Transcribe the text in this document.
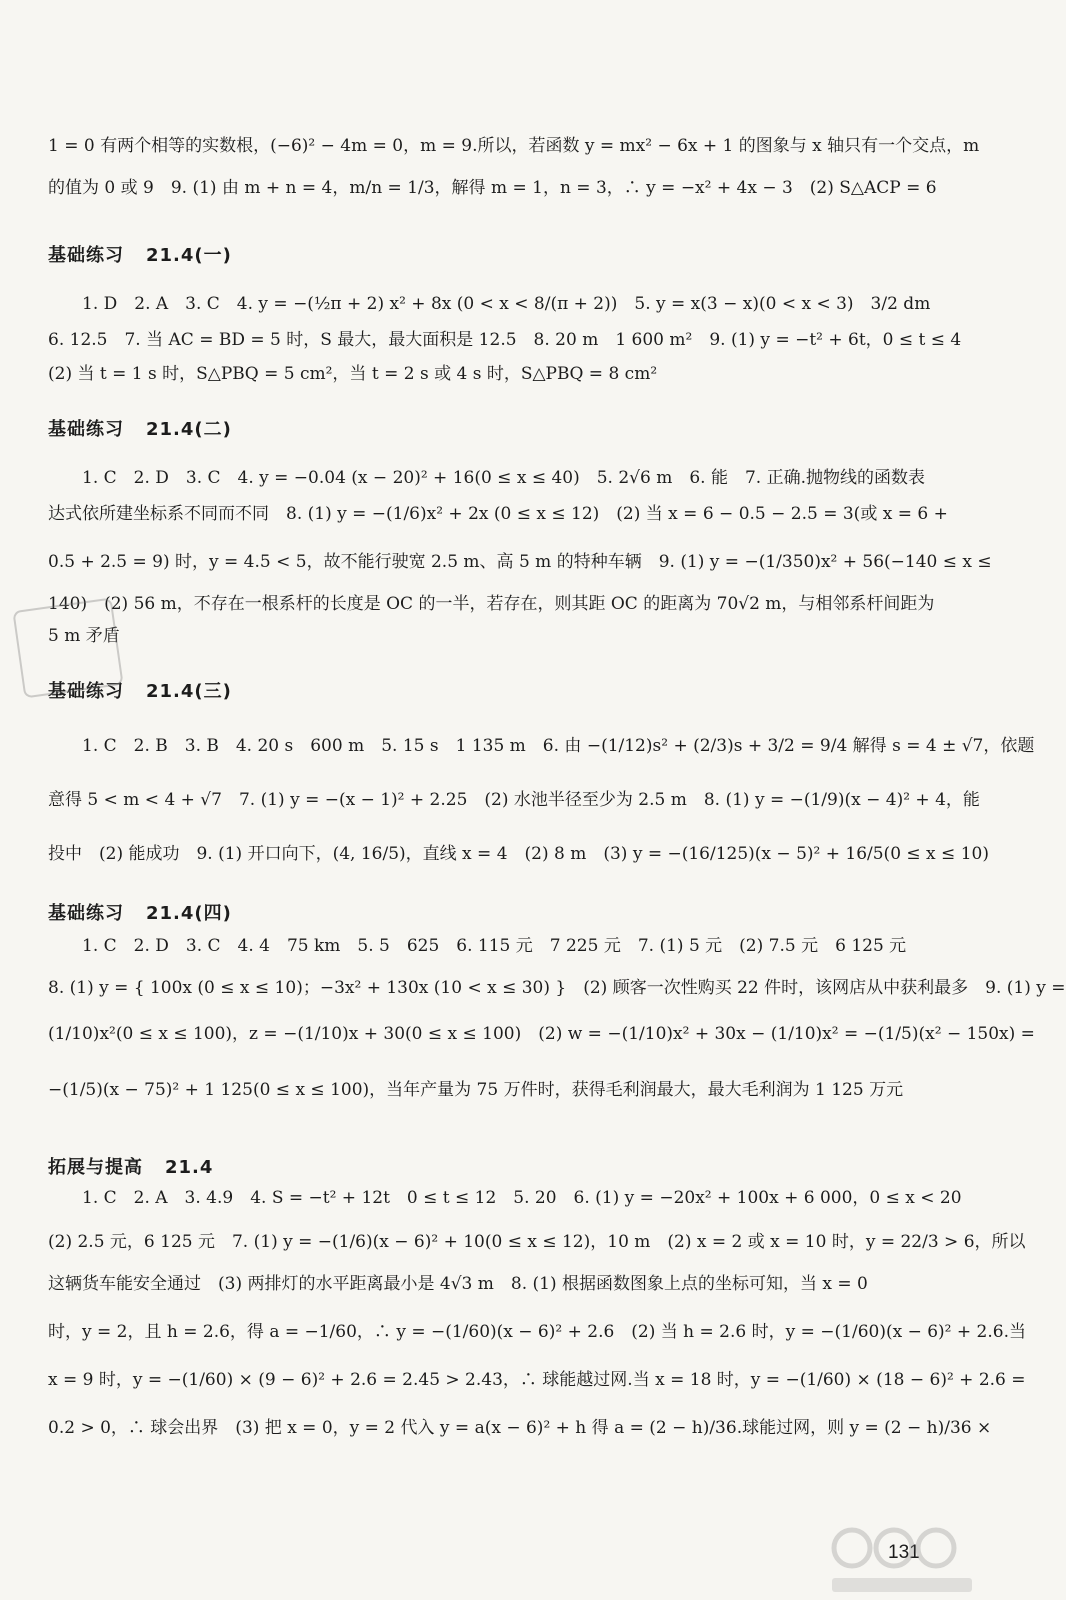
1 = 0 有两个相等的实数根，(−6)² − 4m = 0，m = 9.所以，若函数 y = mx² − 6x + 1 的图象与 x 轴只有一个交点，m
的值为 0 或 9　9. (1) 由 m + n = 4，m/n = 1/3，解得 m = 1，n = 3，∴ y = −x² + 4x − 3　(2) S△ACP = 6
基础练习 21.4(一)
1. D　2. A　3. C　4. y = −(½π + 2) x² + 8x (0 < x < 8/(π + 2))　5. y = x(3 − x)(0 < x < 3)　3/2 dm
6. 12.5　7. 当 AC = BD = 5 时，S 最大，最大面积是 12.5　8. 20 m　1 600 m²　9. (1) y = −t² + 6t，0 ≤ t ≤ 4
(2) 当 t = 1 s 时，S△PBQ = 5 cm²，当 t = 2 s 或 4 s 时，S△PBQ = 8 cm²
基础练习 21.4(二)
1. C　2. D　3. C　4. y = −0.04 (x − 20)² + 16(0 ≤ x ≤ 40)　5. 2√6 m　6. 能　7. 正确.抛物线的函数表
达式依所建坐标系不同而不同　8. (1) y = −(1/6)x² + 2x (0 ≤ x ≤ 12)　(2) 当 x = 6 − 0.5 − 2.5 = 3(或 x = 6 +
0.5 + 2.5 = 9) 时，y = 4.5 < 5，故不能行驶宽 2.5 m、高 5 m 的特种车辆　9. (1) y = −(1/350)x² + 56(−140 ≤ x ≤
140)　(2) 56 m，不存在一根系杆的长度是 OC 的一半，若存在，则其距 OC 的距离为 70√2 m，与相邻系杆间距为
5 m 矛盾
基础练习 21.4(三)
1. C　2. B　3. B　4. 20 s　600 m　5. 15 s　1 135 m　6. 由 −(1/12)s² + (2/3)s + 3/2 = 9/4 解得 s = 4 ± √7，依题
意得 5 < m < 4 + √7　7. (1) y = −(x − 1)² + 2.25　(2) 水池半径至少为 2.5 m　8. (1) y = −(1/9)(x − 4)² + 4，能
投中　(2) 能成功　9. (1) 开口向下，(4, 16/5)，直线 x = 4　(2) 8 m　(3) y = −(16/125)(x − 5)² + 16/5(0 ≤ x ≤ 10)
基础练习 21.4(四)
1. C　2. D　3. C　4. 4　75 km　5. 5　625　6. 115 元　7 225 元　7. (1) 5 元　(2) 7.5 元　6 125 元
8. (1) y = { 100x (0 ≤ x ≤ 10)；−3x² + 130x (10 < x ≤ 30) }　(2) 顾客一次性购买 22 件时，该网店从中获利最多　9. (1) y =
(1/10)x²(0 ≤ x ≤ 100)，z = −(1/10)x + 30(0 ≤ x ≤ 100)　(2) w = −(1/10)x² + 30x − (1/10)x² = −(1/5)(x² − 150x) =
−(1/5)(x − 75)² + 1 125(0 ≤ x ≤ 100)，当年产量为 75 万件时，获得毛利润最大，最大毛利润为 1 125 万元
拓展与提高 21.4
1. C　2. A　3. 4.9　4. S = −t² + 12t　0 ≤ t ≤ 12　5. 20　6. (1) y = −20x² + 100x + 6 000，0 ≤ x < 20
(2) 2.5 元，6 125 元　7. (1) y = −(1/6)(x − 6)² + 10(0 ≤ x ≤ 12)，10 m　(2) x = 2 或 x = 10 时，y = 22/3 > 6，所以
这辆货车能安全通过　(3) 两排灯的水平距离最小是 4√3 m　8. (1) 根据函数图象上点的坐标可知，当 x = 0
时，y = 2，且 h = 2.6，得 a = −1/60，∴ y = −(1/60)(x − 6)² + 2.6　(2) 当 h = 2.6 时，y = −(1/60)(x − 6)² + 2.6.当
x = 9 时，y = −(1/60) × (9 − 6)² + 2.6 = 2.45 > 2.43，∴ 球能越过网.当 x = 18 时，y = −(1/60) × (18 − 6)² + 2.6 =
0.2 > 0，∴ 球会出界　(3) 把 x = 0，y = 2 代入 y = a(x − 6)² + h 得 a = (2 − h)/36.球能过网，则 y = (2 − h)/36 ×
131
